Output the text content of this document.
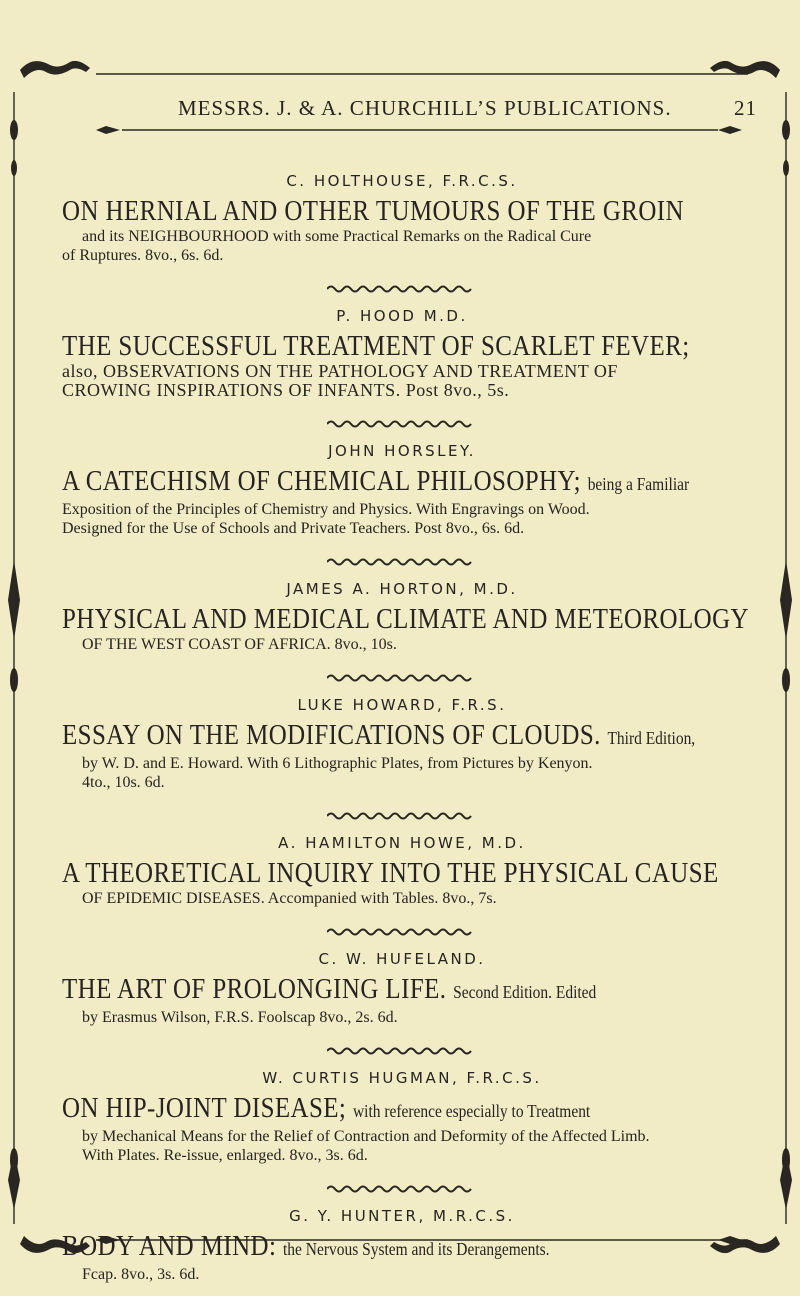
MESSRS. J. & A. CHURCHILL’S PUBLICATIONS.	21
C. HOLTHOUSE, F.R.C.S.
ON HERNIAL AND OTHER TUMOURS OF THE GROIN
and its NEIGHBOURHOOD with some Practical Remarks on the Radical Cure
of Ruptures. 8vo., 6s. 6d.
P. HOOD M.D.
THE SUCCESSFUL TREATMENT OF SCARLET FEVER;
also, OBSERVATIONS ON THE PATHOLOGY AND TREATMENT OF
CROWING INSPIRATIONS OF INFANTS. Post 8vo., 5s.
JOHN HORSLEY.
A CATECHISM OF CHEMICAL PHILOSOPHY; being a Familiar
Exposition of the Principles of Chemistry and Physics. With Engravings on Wood.
Designed for the Use of Schools and Private Teachers. Post 8vo., 6s. 6d.
JAMES A. HORTON, M.D.
PHYSICAL AND MEDICAL CLIMATE AND METEOROLOGY
OF THE WEST COAST OF AFRICA. 8vo., 10s.
LUKE HOWARD, F.R.S.
ESSAY ON THE MODIFICATIONS OF CLOUDS. Third Edition,
by W. D. and E. Howard. With 6 Lithographic Plates, from Pictures by Kenyon.
4to., 10s. 6d.
A. HAMILTON HOWE, M.D.
A THEORETICAL INQUIRY INTO THE PHYSICAL CAUSE
OF EPIDEMIC DISEASES. Accompanied with Tables. 8vo., 7s.
C. W. HUFELAND.
THE ART OF PROLONGING LIFE. Second Edition. Edited
by Erasmus Wilson, F.R.S. Foolscap 8vo., 2s. 6d.
W. CURTIS HUGMAN, F.R.C.S.
ON HIP-JOINT DISEASE; with reference especially to Treatment
by Mechanical Means for the Relief of Contraction and Deformity of the Affected Limb.
With Plates. Re-issue, enlarged. 8vo., 3s. 6d.
G. Y. HUNTER, M.R.C.S.
BODY AND MIND: the Nervous System and its Derangements.
Fcap. 8vo., 3s. 6d.
